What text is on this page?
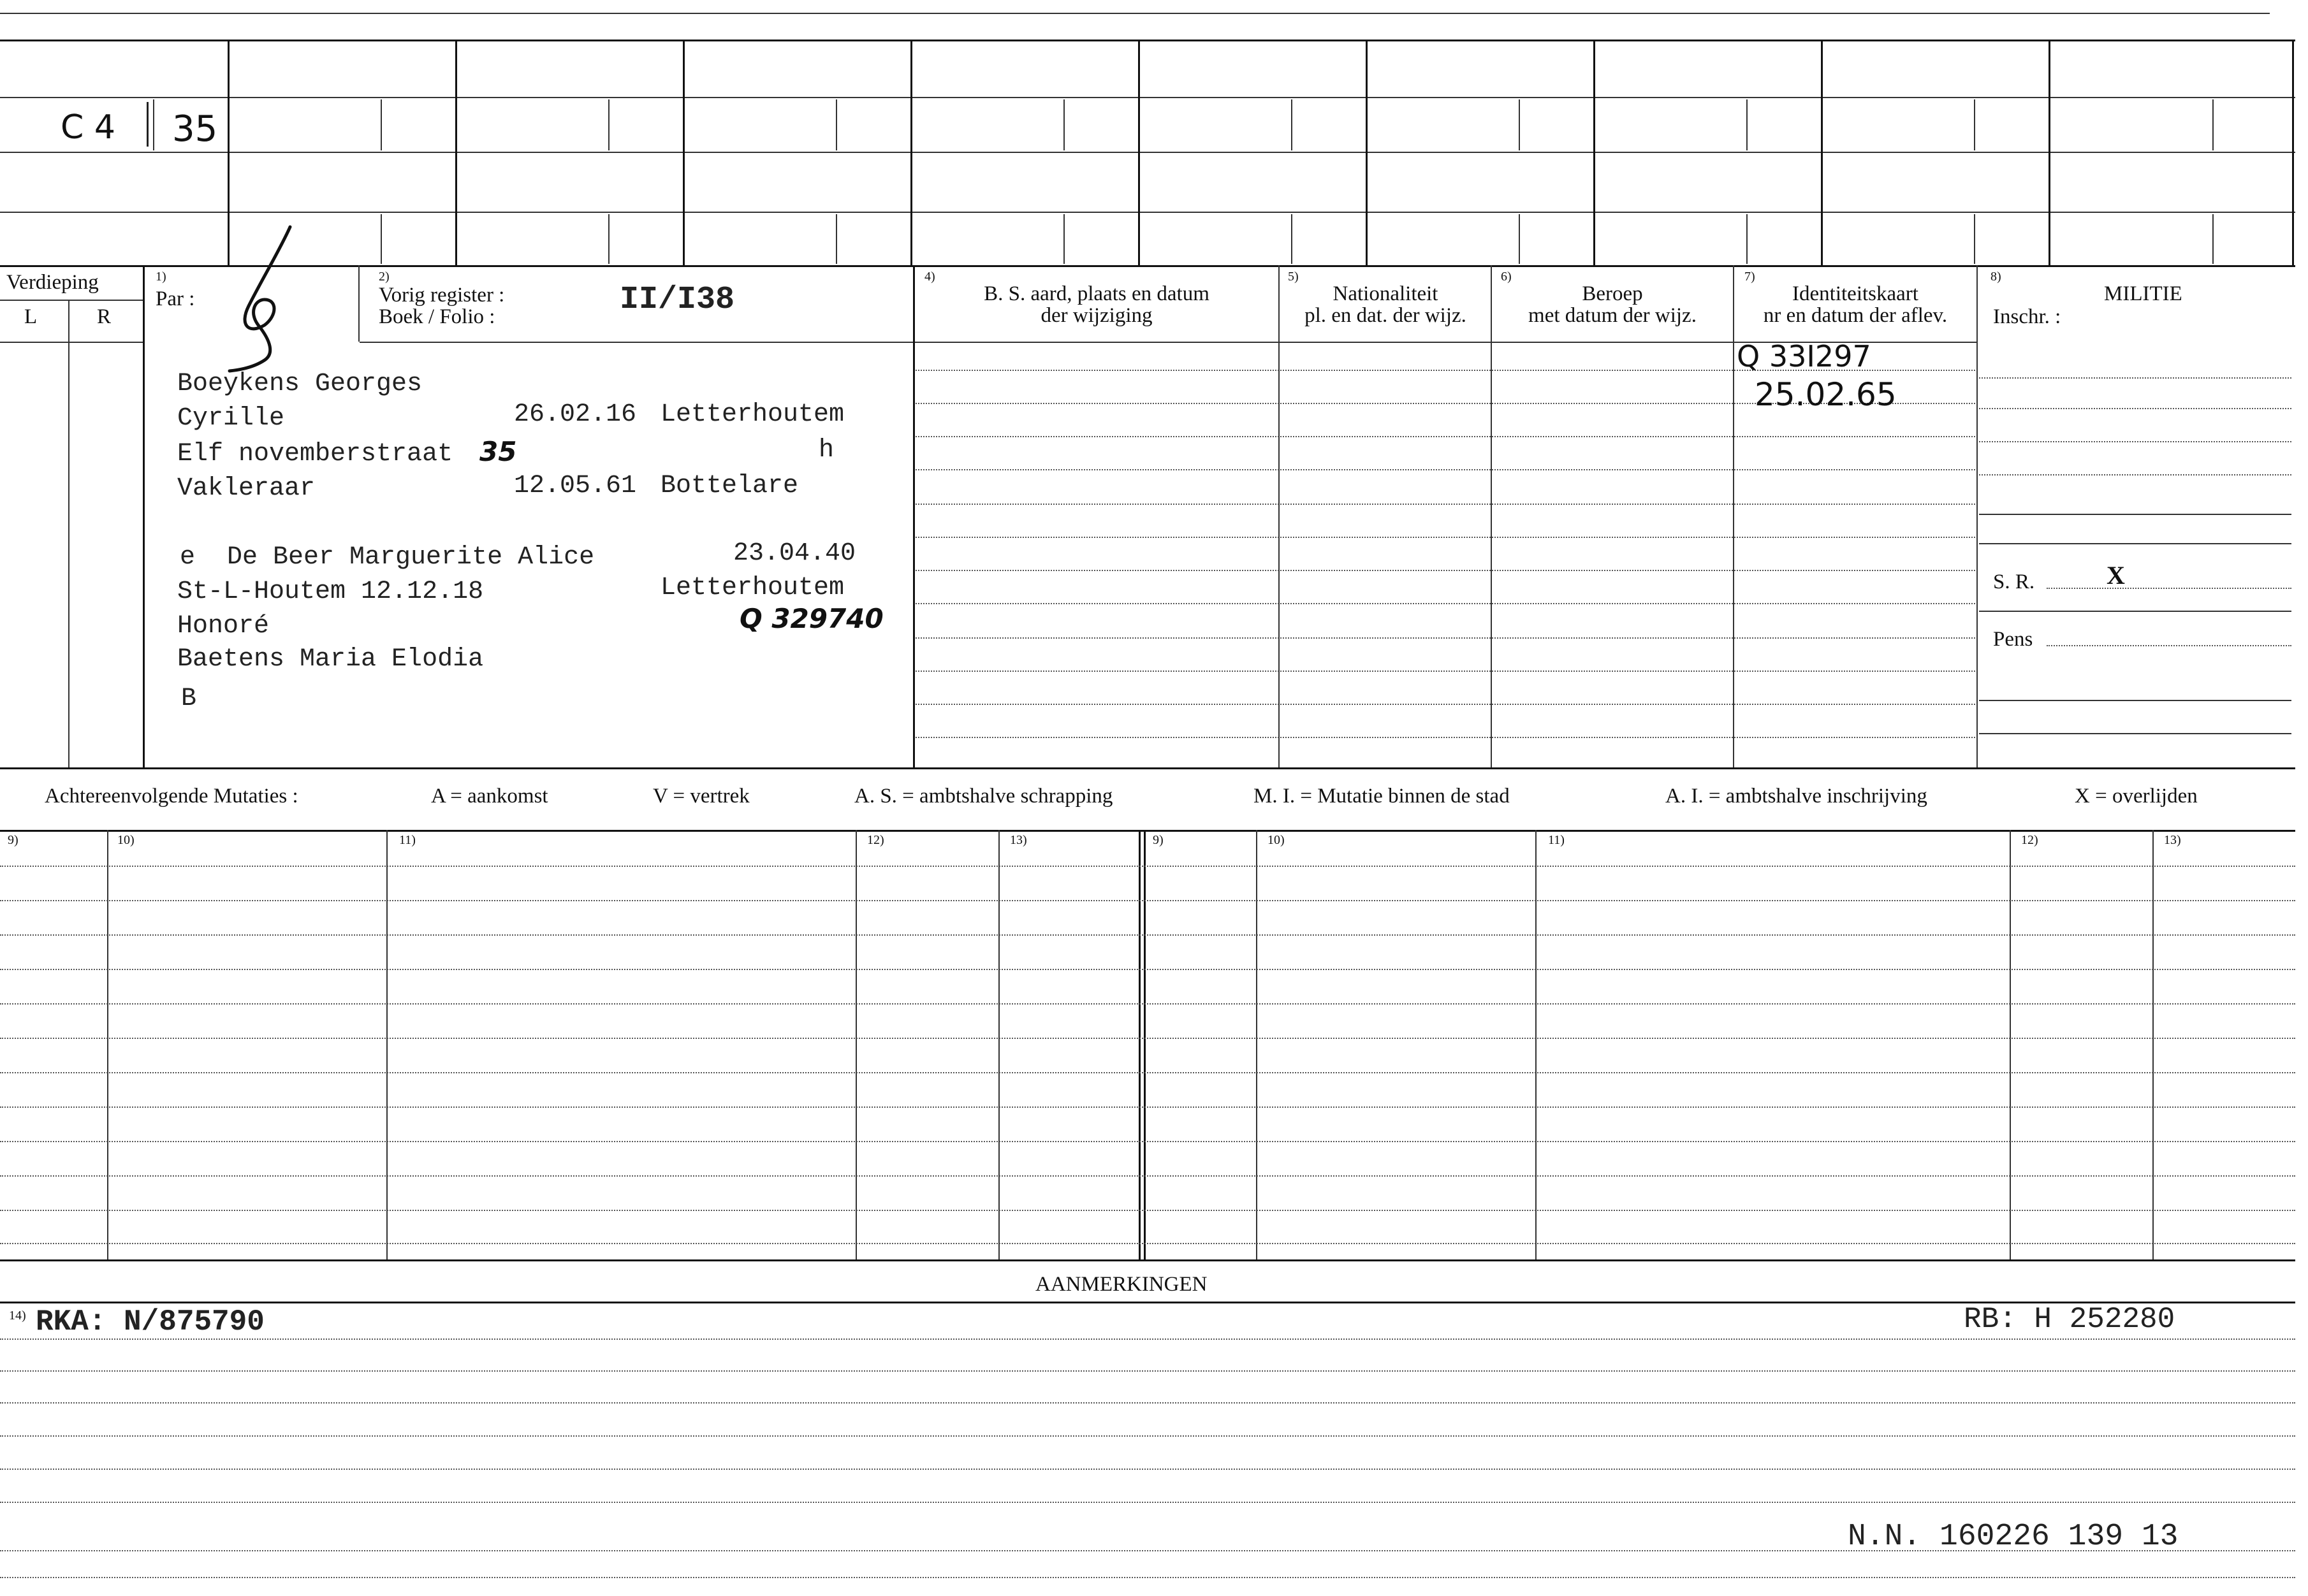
C 4 35
Verdieping
L	R
1)
Par :
2)
Vorig register :
Boek / Folio :	II/I38
4)
B. S. aard, plaats en datum
der wijziging
5)
Nationaliteit
pl. en dat. der wijz.
6)
Beroep
met datum der wijz.
7)
Identiteitskaart
nr en datum der aflev.
8)
MILITIE
Inschr. :
S. R.	X
Pens
Boeykens Georges
Cyrille	26.02.16 Letterhoutem
Elf novemberstraat 35	h
Vakleraar	12.05.61 Bottelare
e De Beer Marguerite Alice	23.04.40
St-L-Houtem 12.12.18	Letterhoutem
Honoré	Q 329740
Baetens Maria Elodia
B
Q 33I297
25.02.65
Achtereenvolgende Mutaties :	A = aankomst	V = vertrek	A. S. = ambtshalve schrapping	M. I. = Mutatie binnen de stad	A. I. = ambtshalve inschrijving	X = overlijden
9)	10)	11)	12)	13)	9)	10)	11)	12)	13)
AANMERKINGEN
14) RKA: N/875790	RB: H 252280
N.N. 160226 139 13
